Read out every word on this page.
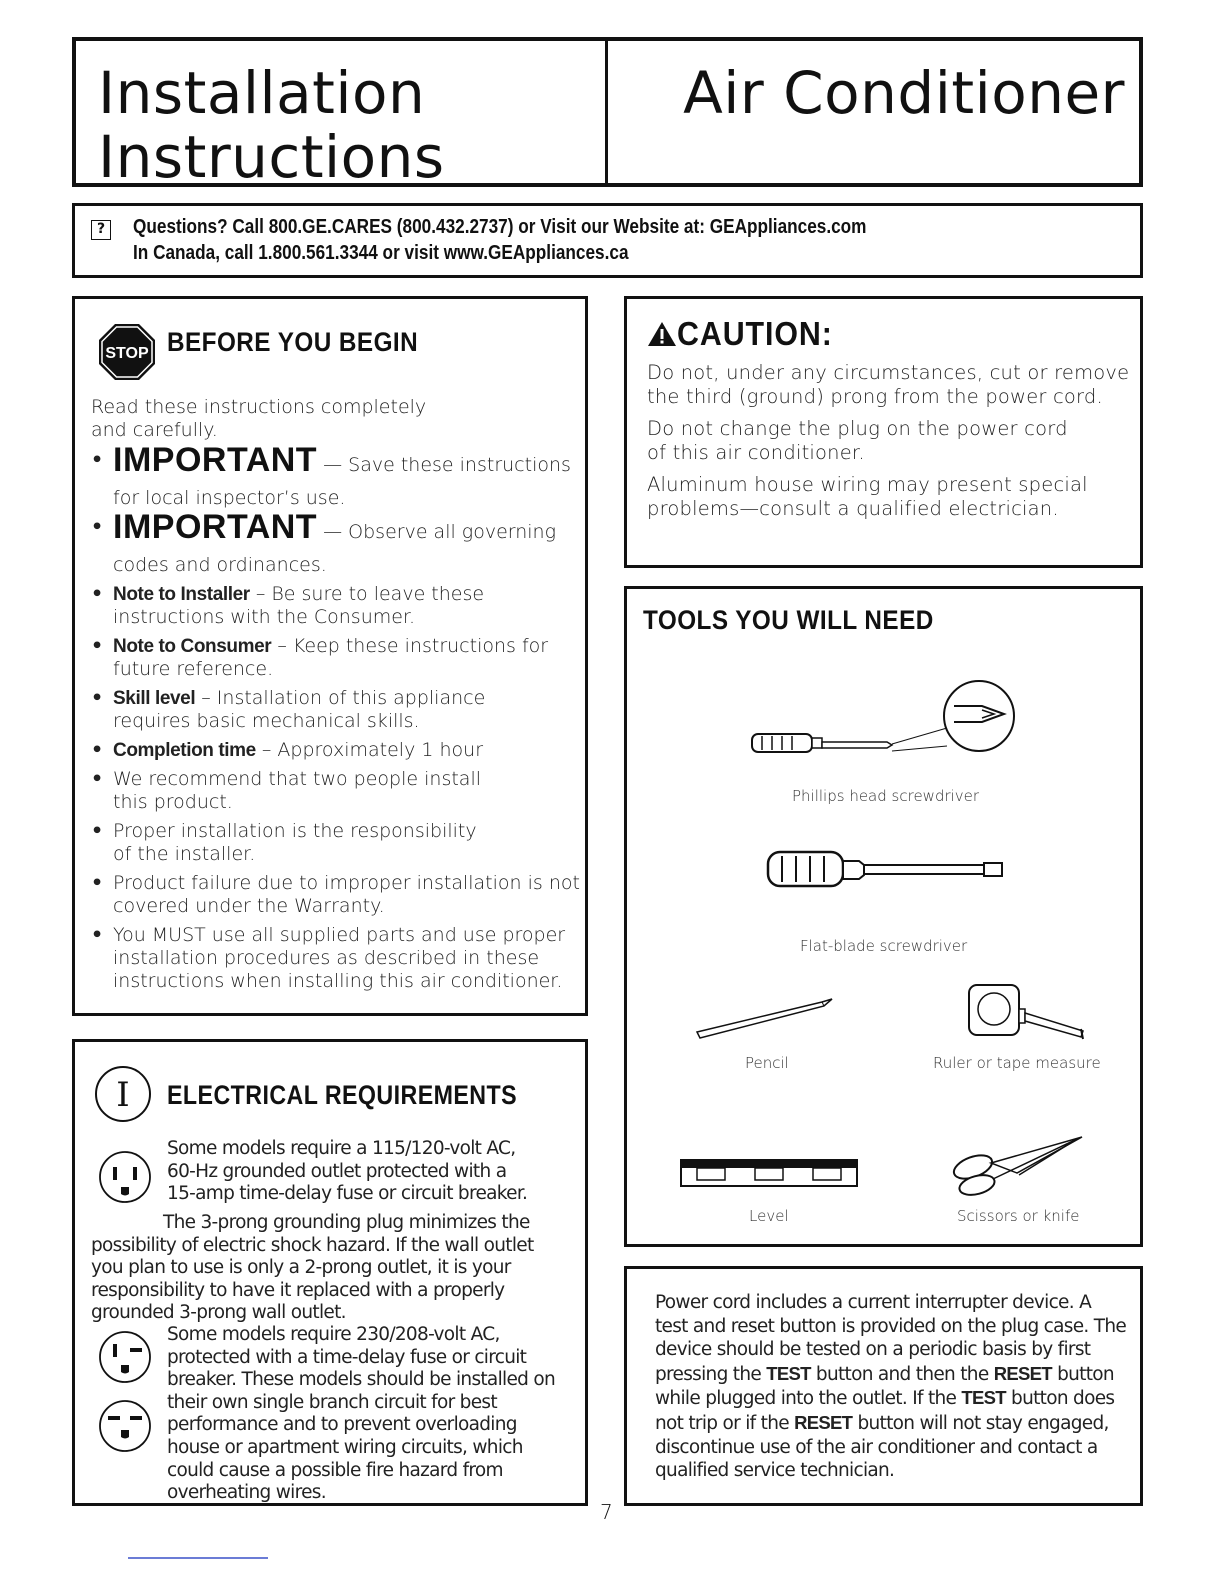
Installation
Instructions
Air Conditioner
? Questions? Call 800.GE.CARES (800.432.2737) or Visit our Website at: GEAppliances.com
In Canada, call 1.800.561.3344 or visit www.GEAppliances.ca
STOP BEFORE YOU BEGIN
Read these instructions completely
and carefully.
• IMPORTANT — Save these instructions
for local inspector’s use.
• IMPORTANT — Observe all governing
codes and ordinances.
• Note to Installer – Be sure to leave these
instructions with the Consumer.
• Note to Consumer – Keep these instructions for
future reference.
• Skill level – Installation of this appliance
requires basic mechanical skills.
• Completion time – Approximately 1 hour
• We recommend that two people install
this product.
• Proper installation is the responsibility
of the installer.
• Product failure due to improper installation is not
covered under the Warranty.
• You MUST use all supplied parts and use proper
installation procedures as described in these
instructions when installing this air conditioner.
CAUTION:
Do not, under any circumstances, cut or remove
the third (ground) prong from the power cord.
Do not change the plug on the power cord
of this air conditioner.
Aluminum house wiring may present special
problems—consult a qualified electrician.
TOOLS YOU WILL NEED
Phillips head screwdriver
Flat-blade screwdriver
Pencil	Ruler or tape measure
Level	Scissors or knife
I ELECTRICAL REQUIREMENTS
Some models require a 115/120-volt AC,
60-Hz grounded outlet protected with a
15-amp time-delay fuse or circuit breaker.
The 3-prong grounding plug minimizes the
possibility of electric shock hazard. If the wall outlet
you plan to use is only a 2-prong outlet, it is your
responsibility to have it replaced with a properly
grounded 3-prong wall outlet.
Some models require 230/208-volt AC,
protected with a time-delay fuse or circuit
breaker. These models should be installed on
their own single branch circuit for best
performance and to prevent overloading
house or apartment wiring circuits, which
could cause a possible fire hazard from
overheating wires.
Power cord includes a current interrupter device. A
test and reset button is provided on the plug case. The
device should be tested on a periodic basis by first
pressing the TEST button and then the RESET button
while plugged into the outlet. If the TEST button does
not trip or if the RESET button will not stay engaged,
discontinue use of the air conditioner and contact a
qualified service technician.
7
